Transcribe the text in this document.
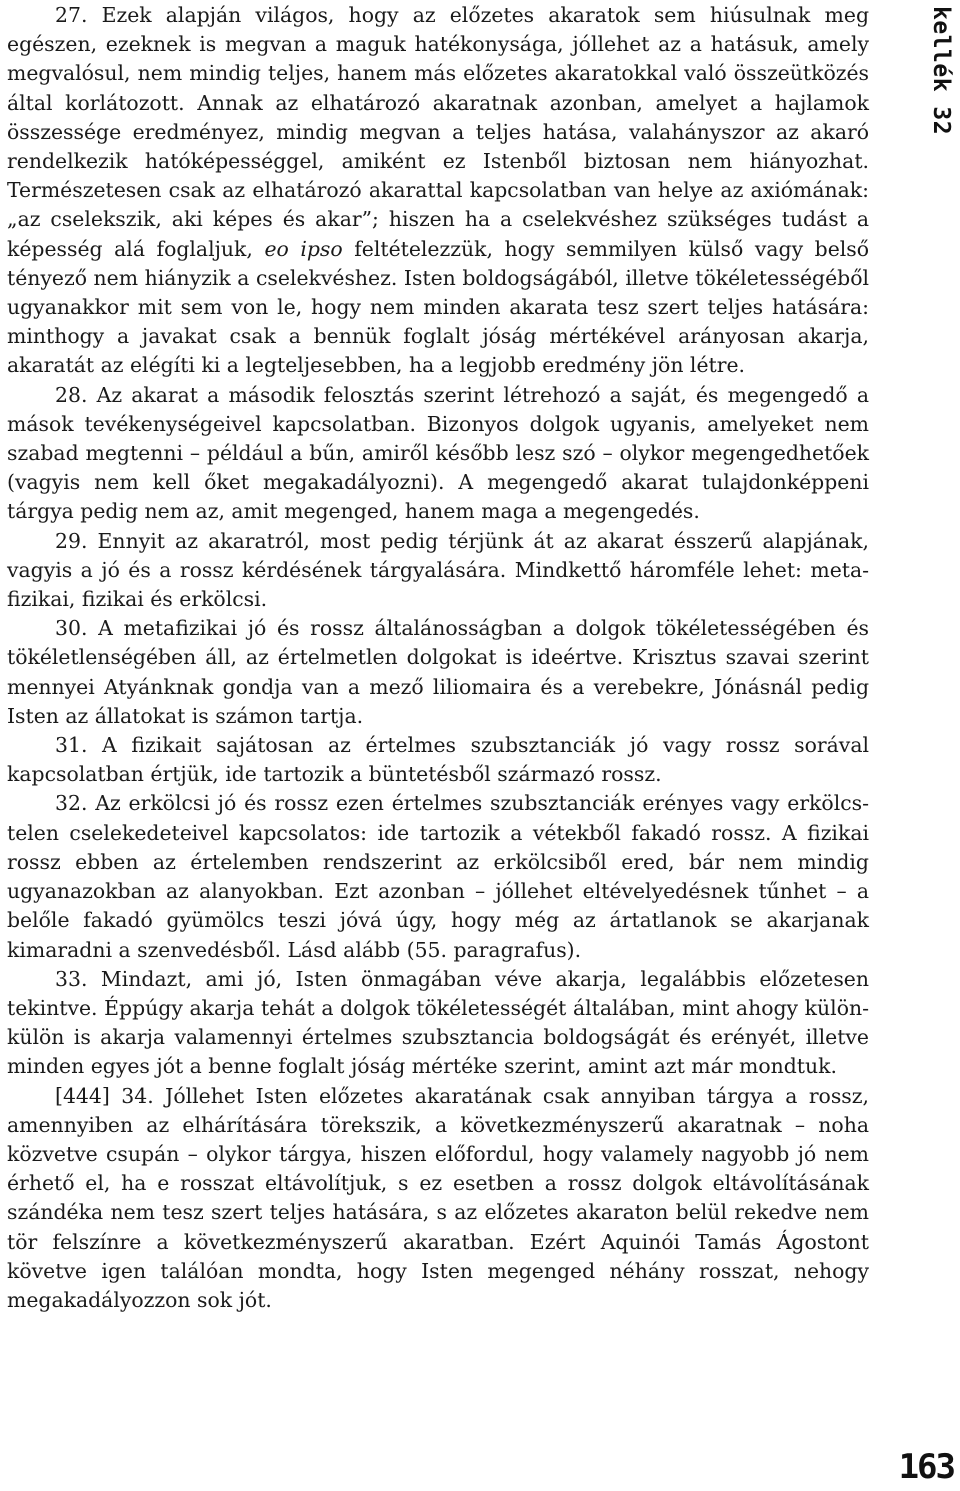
27. Ezek alapján világos, hogy az előzetes akaratok sem hiúsulnak meg egészen, ezeknek is megvan a maguk hatékonysága, jóllehet az a hatásuk, amely megvalósul, nem mindig teljes, hanem más előzetes akaratokkal való összeütközés által korlátozott. Annak az elhatározó akaratnak azonban, amelyet a hajlamok összessége eredményez, mindig megvan a teljes hatása, valahányszor az akaró rendelkezik hatóképességgel, amiként ez Istenből biztosan nem hiányozhat. Természetesen csak az elhatározó akarattal kapcsolatban van helye az axiómának: „az cselekszik, aki képes és akar”; hiszen ha a cselekvéshez szükséges tudást a képesség alá foglaljuk, eo ipso feltételezzük, hogy semmilyen külső vagy belső tényező nem hiányzik a cselekvéshez. Isten boldogságából, illetve tökéletességéből ugyanakkor mit sem von le, hogy nem minden akarata tesz szert teljes hatására: minthogy a javakat csak a bennük foglalt jóság mértékével arányosan akarja, akaratát az elégíti ki a legteljesebben, ha a legjobb eredmény jön létre.

28. Az akarat a második felosztás szerint létrehozó a saját, és megengedő a mások tevékenységeivel kapcsolatban. Bizonyos dolgok ugyanis, amelyeket nem szabad megtenni – például a bűn, amiről később lesz szó – olykor megengedhetőek (vagyis nem kell őket megakadályozni). A megengedő akarat tulajdonképpeni tárgya pedig nem az, amit megenged, hanem maga a megengedés.

29. Ennyit az akaratról, most pedig térjünk át az akarat ésszerű alapjának, vagyis a jó és a rossz kérdésének tárgyalására. Mindkettő háromféle lehet: metafizikai, fizikai és erkölcsi.

30. A metafizikai jó és rossz általánosságban a dolgok tökéletességében és tökéletlenségében áll, az értelmetlen dolgokat is ideértve. Krisztus szavai szerint mennyei Atyánknak gondja van a mező liliomaira és a verebekre, Jónásnál pedig Isten az állatokat is számon tartja.

31. A fizikait sajátosan az értelmes szubsztanciák jó vagy rossz sorával kapcsolatban értjük, ide tartozik a büntetésből származó rossz.

32. Az erkölcsi jó és rossz ezen értelmes szubsztanciák erényes vagy erkölcstelen cselekedeteivel kapcsolatos: ide tartozik a vétekből fakadó rossz. A fizikai rossz ebben az értelemben rendszerint az erkölcsiből ered, bár nem mindig ugyanazokban az alanyokban. Ezt azonban – jóllehet eltévelyedésnek tűnhet – a belőle fakadó gyümölcs teszi jóvá úgy, hogy még az ártatlanok se akarjanak kimaradni a szenvedésből. Lásd alább (55. paragrafus).

33. Mindazt, ami jó, Isten önmagában véve akarja, legalábbis előzetesen tekintve. Éppúgy akarja tehát a dolgok tökéletességét általában, mint ahogy külön-külön is akarja valamennyi értelmes szubsztancia boldogságát és erényét, illetve minden egyes jót a benne foglalt jóság mértéke szerint, amint azt már mondtuk.

[444] 34. Jóllehet Isten előzetes akaratának csak annyiban tárgya a rossz, amennyiben az elhárítására törekszik, a következményszerű akaratnak – noha közvetve csupán – olykor tárgya, hiszen előfordul, hogy valamely nagyobb jó nem érhető el, ha e rosszat eltávolítjuk, s ez esetben a rossz dolgok eltávolításának szándéka nem tesz szert teljes hatására, s az előzetes akaraton belül rekedve nem tör felszínre a következményszerű akaratban. Ezért Aquinói Tamás Ágostont követve igen találóan mondta, hogy Isten megenged néhány rosszat, nehogy megakadályozzon sok jót.

kellék 32
163
